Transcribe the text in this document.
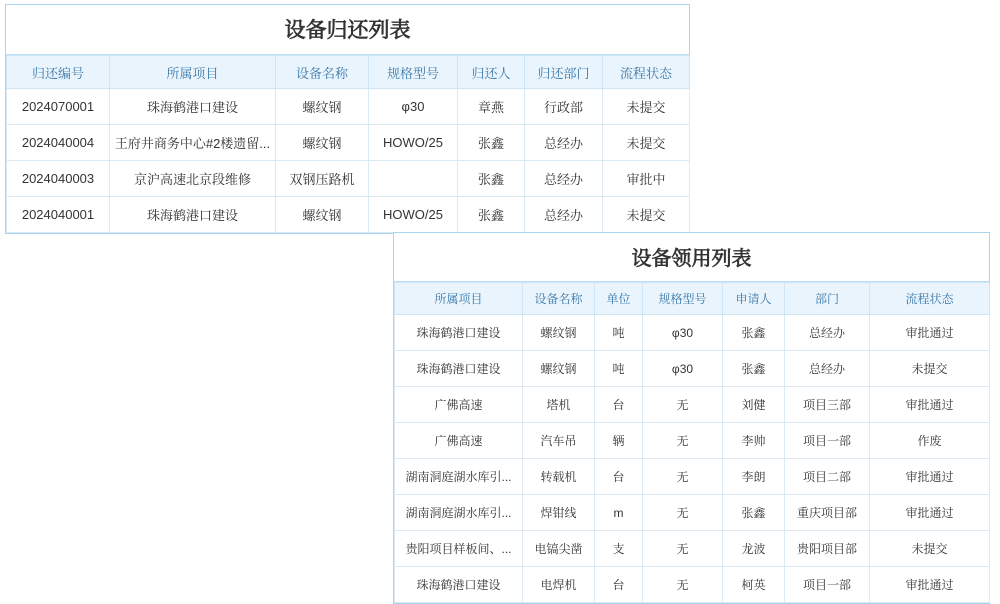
设备归还列表
归还编号	所属项目	设备名称	规格型号	归还人	归还部门	流程状态
2024070001	珠海鹤港口建设	螺纹钢	φ30	章燕	行政部	未提交
2024040004	王府井商务中心#2楼遗留...	螺纹钢	HOWO/25	张鑫	总经办	未提交
2024040003	京沪高速北京段维修	双钢压路机		张鑫	总经办	审批中
2024040001	珠海鹤港口建设	螺纹钢	HOWO/25	张鑫	总经办	未提交
设备领用列表
所属项目	设备名称	单位	规格型号	申请人	部门	流程状态
珠海鹤港口建设	螺纹钢	吨	φ30	张鑫	总经办	审批通过
珠海鹤港口建设	螺纹钢	吨	φ30	张鑫	总经办	未提交
广佛高速	塔机	台	无	刘健	项目三部	审批通过
广佛高速	汽车吊	辆	无	李帅	项目一部	作废
湖南洞庭湖水库引...	转载机	台	无	李朗	项目二部	审批通过
湖南洞庭湖水库引...	焊钳线	m	无	张鑫	重庆项目部	审批通过
贵阳项目样板间、...	电镐尖凿	支	无	龙波	贵阳项目部	未提交
珠海鹤港口建设	电焊机	台	无	柯英	项目一部	审批通过
